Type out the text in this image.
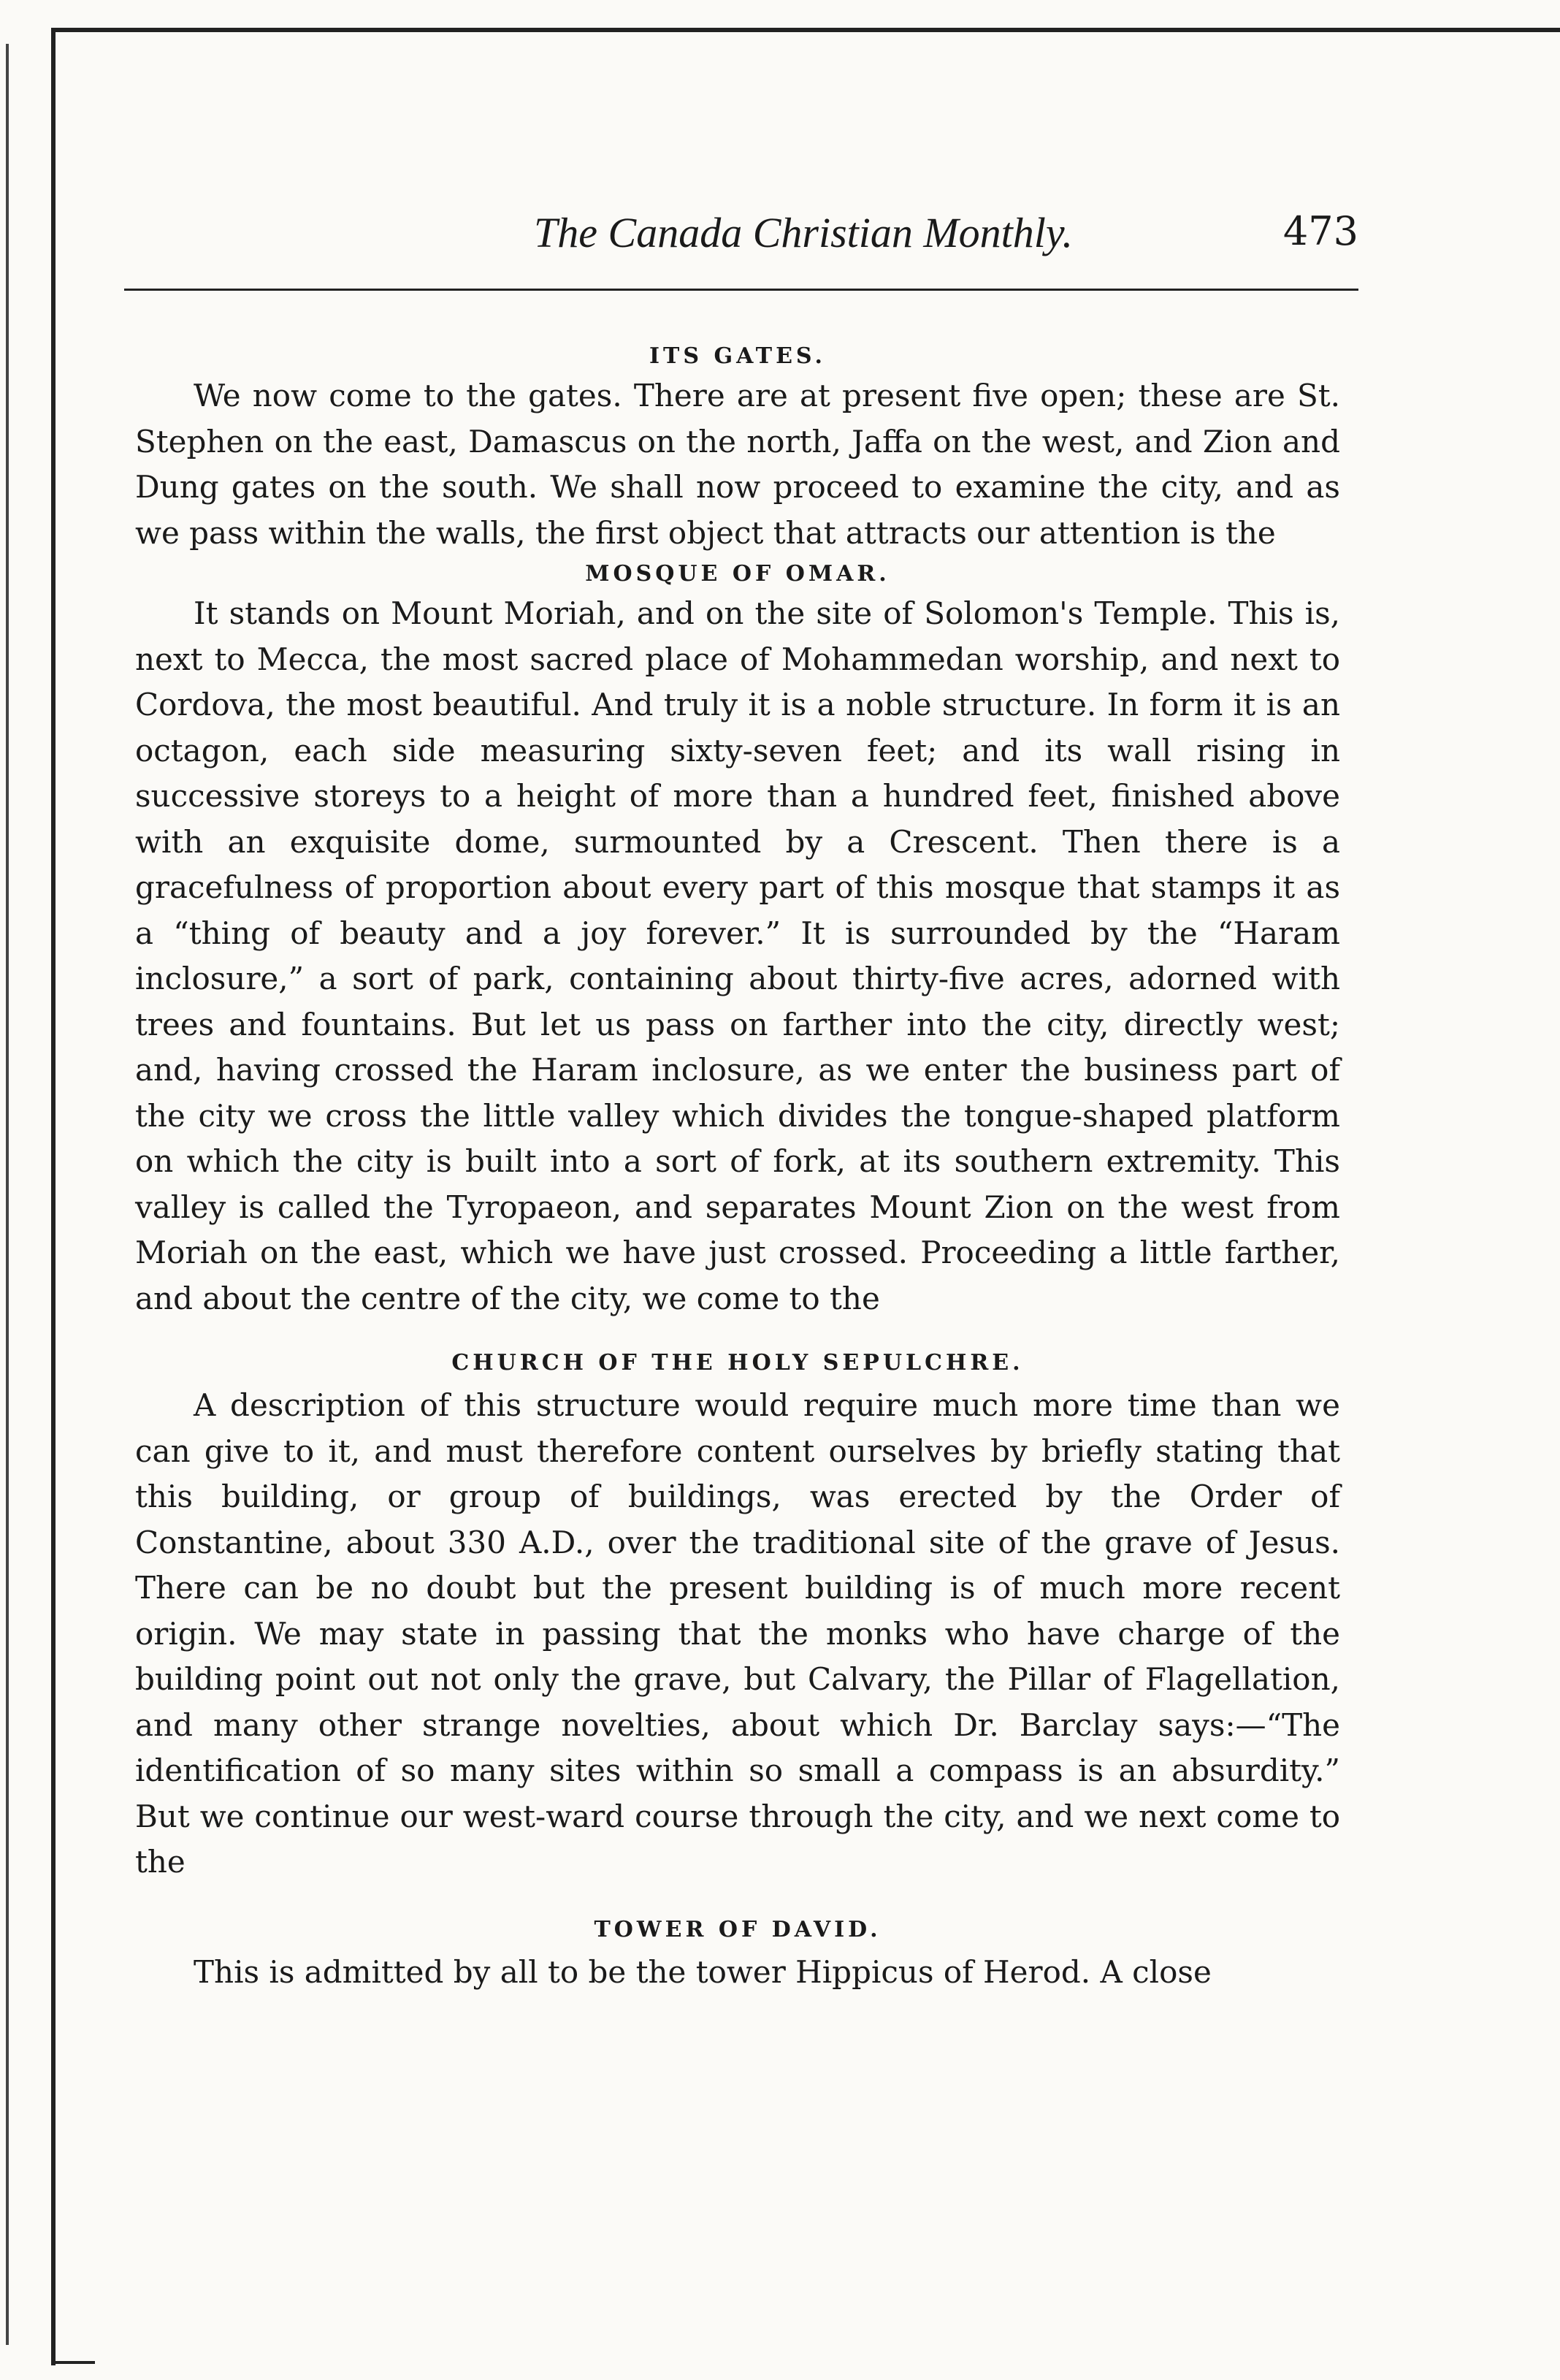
The Canada Christian Monthly.	473
ITS GATES.

We now come to the gates. There are at present five open; these are St. Stephen on the east, Damascus on the north, Jaffa on the west, and Zion and Dung gates on the south. We shall now proceed to examine the city, and as we pass within the walls, the first object that attracts our attention is the

MOSQUE OF OMAR.

It stands on Mount Moriah, and on the site of Solomon's Temple. This is, next to Mecca, the most sacred place of Mohammedan worship, and next to Cordova, the most beautiful. And truly it is a noble structure. In form it is an octagon, each side measuring sixty-seven feet; and its wall rising in successive storeys to a height of more than a hundred feet, finished above with an exquisite dome, surmounted by a Crescent. Then there is a gracefulness of proportion about every part of this mosque that stamps it as a “thing of beauty and a joy forever.” It is surrounded by the “Haram inclosure,” a sort of park, containing about thirty-five acres, adorned with trees and fountains. But let us pass on farther into the city, directly west; and, having crossed the Haram inclosure, as we enter the business part of the city we cross the little valley which divides the tongue-shaped platform on which the city is built into a sort of fork, at its southern extremity. This valley is called the Tyropaeon, and separates Mount Zion on the west from Moriah on the east, which we have just crossed. Proceeding a little farther, and about the centre of the city, we come to the

CHURCH OF THE HOLY SEPULCHRE.

A description of this structure would require much more time than we can give to it, and must therefore content ourselves by briefly stating that this building, or group of buildings, was erected by the Order of Constantine, about 330 A.D., over the traditional site of the grave of Jesus. There can be no doubt but the present building is of much more recent origin. We may state in passing that the monks who have charge of the building point out not only the grave, but Calvary, the Pillar of Flagellation, and many other strange novelties, about which Dr. Barclay says:—“The identification of so many sites within so small a compass is an absurdity.” But we continue our west-ward course through the city, and we next come to the

TOWER OF DAVID.

This is admitted by all to be the tower Hippicus of Herod. A close
